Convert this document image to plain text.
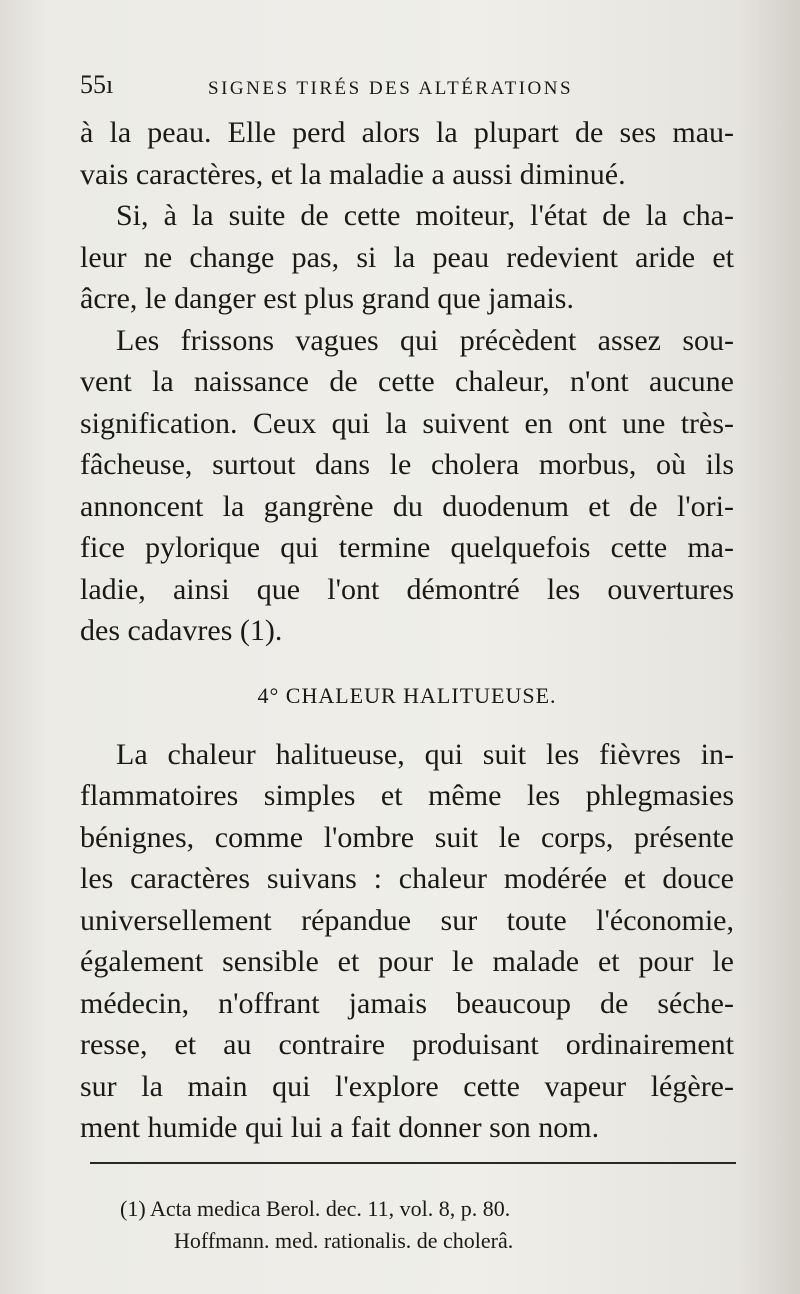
55ı	SIGNES TIRÉS DES ALTÉRATIONS
à la peau. Elle perd alors la plupart de ses mau-
vais caractères, et la maladie a aussi diminué.
Si, à la suite de cette moiteur, l'état de la cha-
leur ne change pas, si la peau redevient aride et
âcre, le danger est plus grand que jamais.
Les frissons vagues qui précèdent assez sou-
vent la naissance de cette chaleur, n'ont aucune
signification. Ceux qui la suivent en ont une très-
fâcheuse, surtout dans le cholera morbus, où ils
annoncent la gangrène du duodenum et de l'ori-
fice pylorique qui termine quelquefois cette ma-
ladie, ainsi que l'ont démontré les ouvertures
des cadavres (1).
4° CHALEUR HALITUEUSE.
La chaleur halitueuse, qui suit les fièvres in-
flammatoires simples et même les phlegmasies
bénignes, comme l'ombre suit le corps, présente
les caractères suivans : chaleur modérée et douce
universellement répandue sur toute l'économie,
également sensible et pour le malade et pour le
médecin, n'offrant jamais beaucoup de séche-
resse, et au contraire produisant ordinairement
sur la main qui l'explore cette vapeur légère-
ment humide qui lui a fait donner son nom.
(1) Acta medica Berol. dec. 11, vol. 8, p. 80.
Hoffmann. med. rationalis. de cholerâ.
